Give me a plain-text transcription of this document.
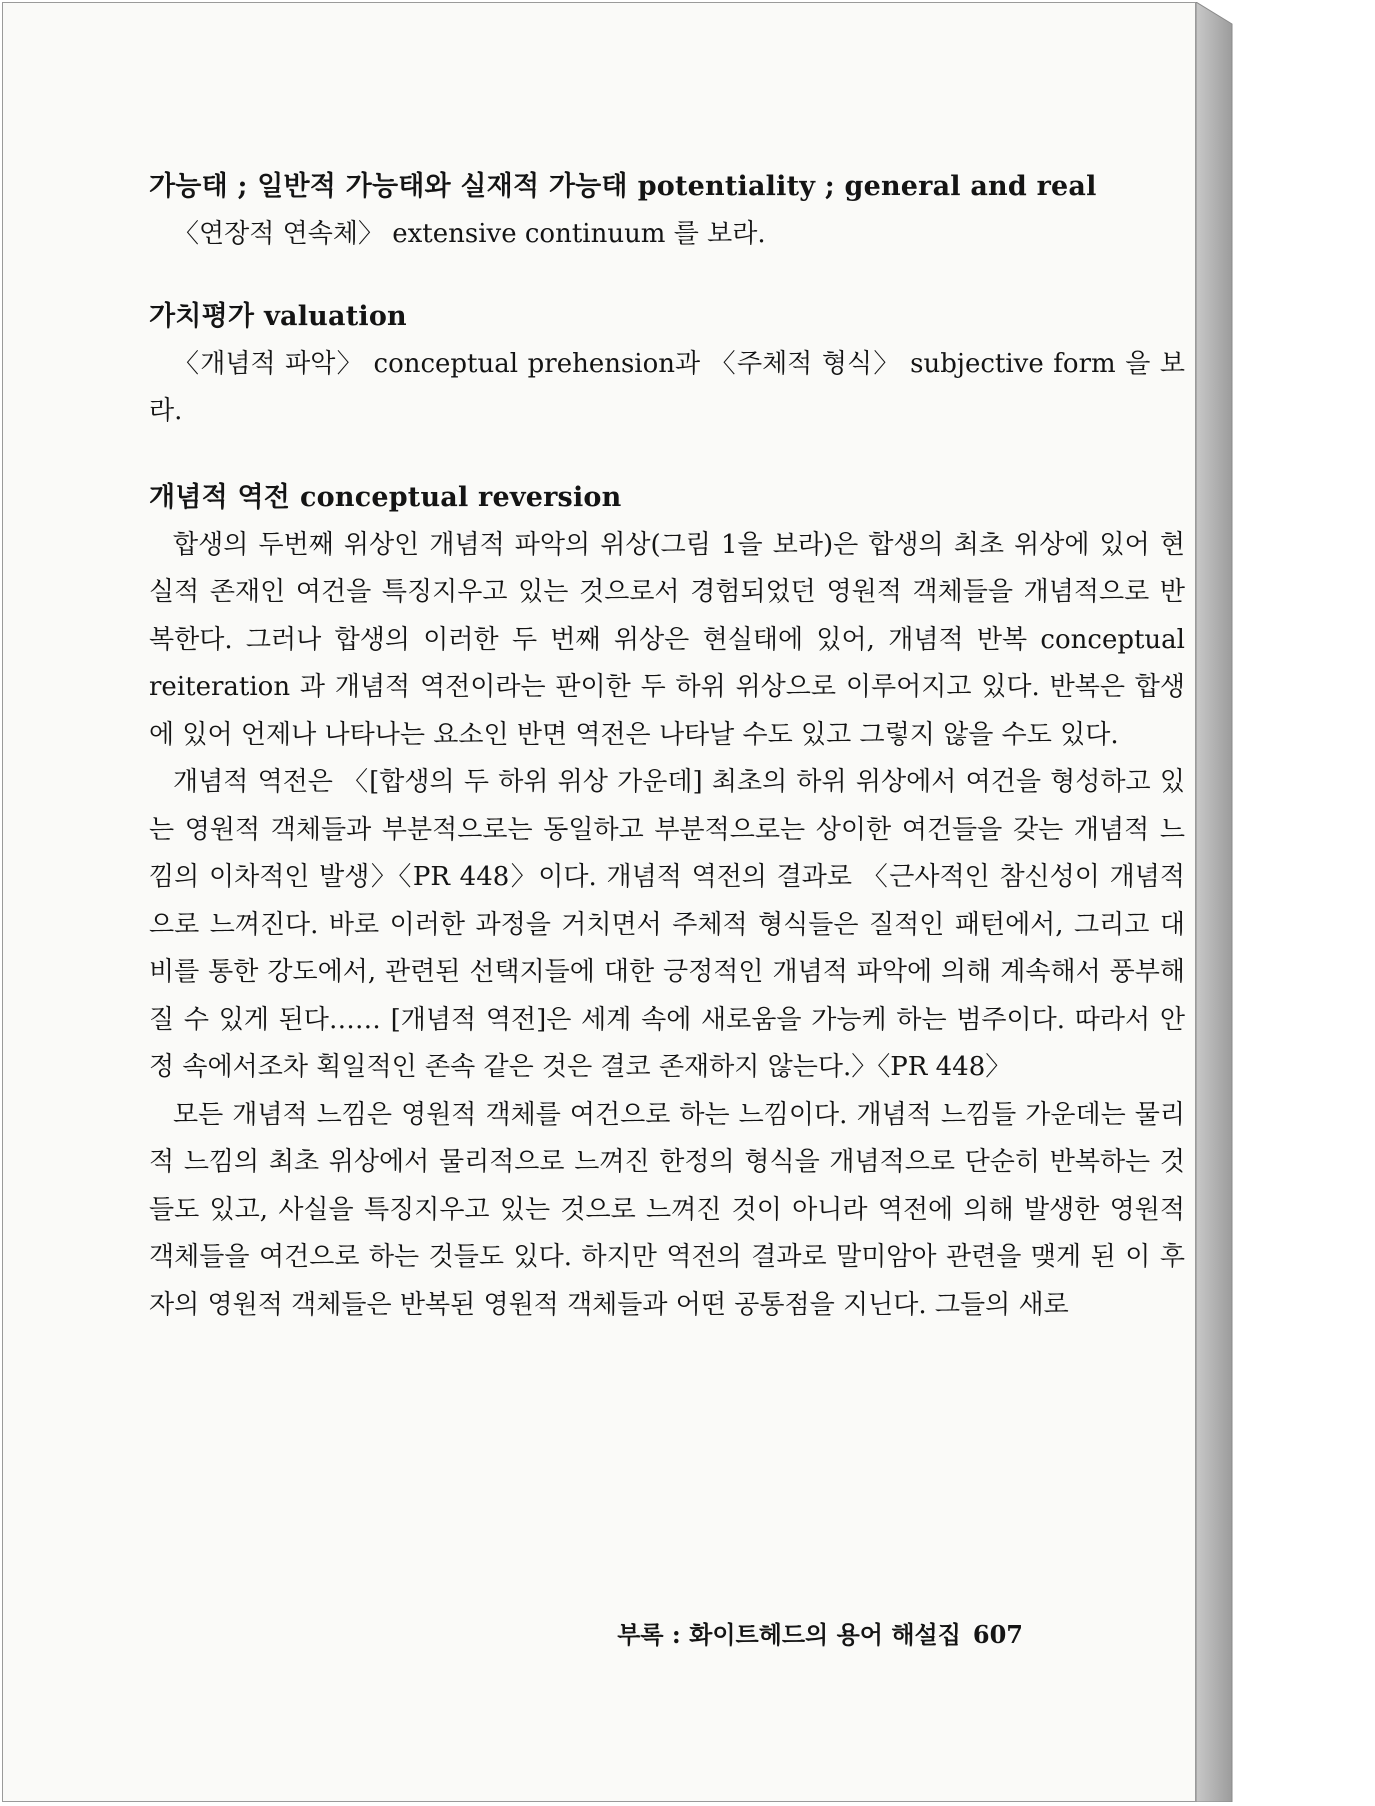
가능태 ; 일반적 가능태와 실재적 가능태 potentiality ; general and real

〈연장적 연속체〉 extensive continuum 를 보라.

가치평가 valuation

〈개념적 파악〉 conceptual prehension과 〈주체적 형식〉 subjective form 을 보라.

개념적 역전 conceptual reversion

합생의 두번째 위상인 개념적 파악의 위상(그림 1을 보라)은 합생의 최초 위상에 있어 현실적 존재인 여건을 특징지우고 있는 것으로서 경험되었던 영원적 객체들을 개념적으로 반복한다. 그러나 합생의 이러한 두 번째 위상은 현실태에 있어, 개념적 반복 conceptual reiteration 과 개념적 역전이라는 판이한 두 하위 위상으로 이루어지고 있다. 반복은 합생에 있어 언제나 나타나는 요소인 반면 역전은 나타날 수도 있고 그렇지 않을 수도 있다.

개념적 역전은 〈[합생의 두 하위 위상 가운데] 최초의 하위 위상에서 여건을 형성하고 있는 영원적 객체들과 부분적으로는 동일하고 부분적으로는 상이한 여건들을 갖는 개념적 느낌의 이차적인 발생〉〈PR 448〉이다. 개념적 역전의 결과로 〈근사적인 참신성이 개념적으로 느껴진다. 바로 이러한 과정을 거치면서 주체적 형식들은 질적인 패턴에서, 그리고 대비를 통한 강도에서, 관련된 선택지들에 대한 긍정적인 개념적 파악에 의해 계속해서 풍부해질 수 있게 된다…… [개념적 역전]은 세계 속에 새로움을 가능케 하는 범주이다. 따라서 안정 속에서조차 획일적인 존속 같은 것은 결코 존재하지 않는다.〉〈PR 448〉

모든 개념적 느낌은 영원적 객체를 여건으로 하는 느낌이다. 개념적 느낌들 가운데는 물리적 느낌의 최초 위상에서 물리적으로 느껴진 한정의 형식을 개념적으로 단순히 반복하는 것들도 있고, 사실을 특징지우고 있는 것으로 느껴진 것이 아니라 역전에 의해 발생한 영원적 객체들을 여건으로 하는 것들도 있다. 하지만 역전의 결과로 말미암아 관련을 맺게 된 이 후자의 영원적 객체들은 반복된 영원적 객체들과 어떤 공통점을 지닌다. 그들의 새로

부록 : 화이트헤드의 용어 해설집 607
